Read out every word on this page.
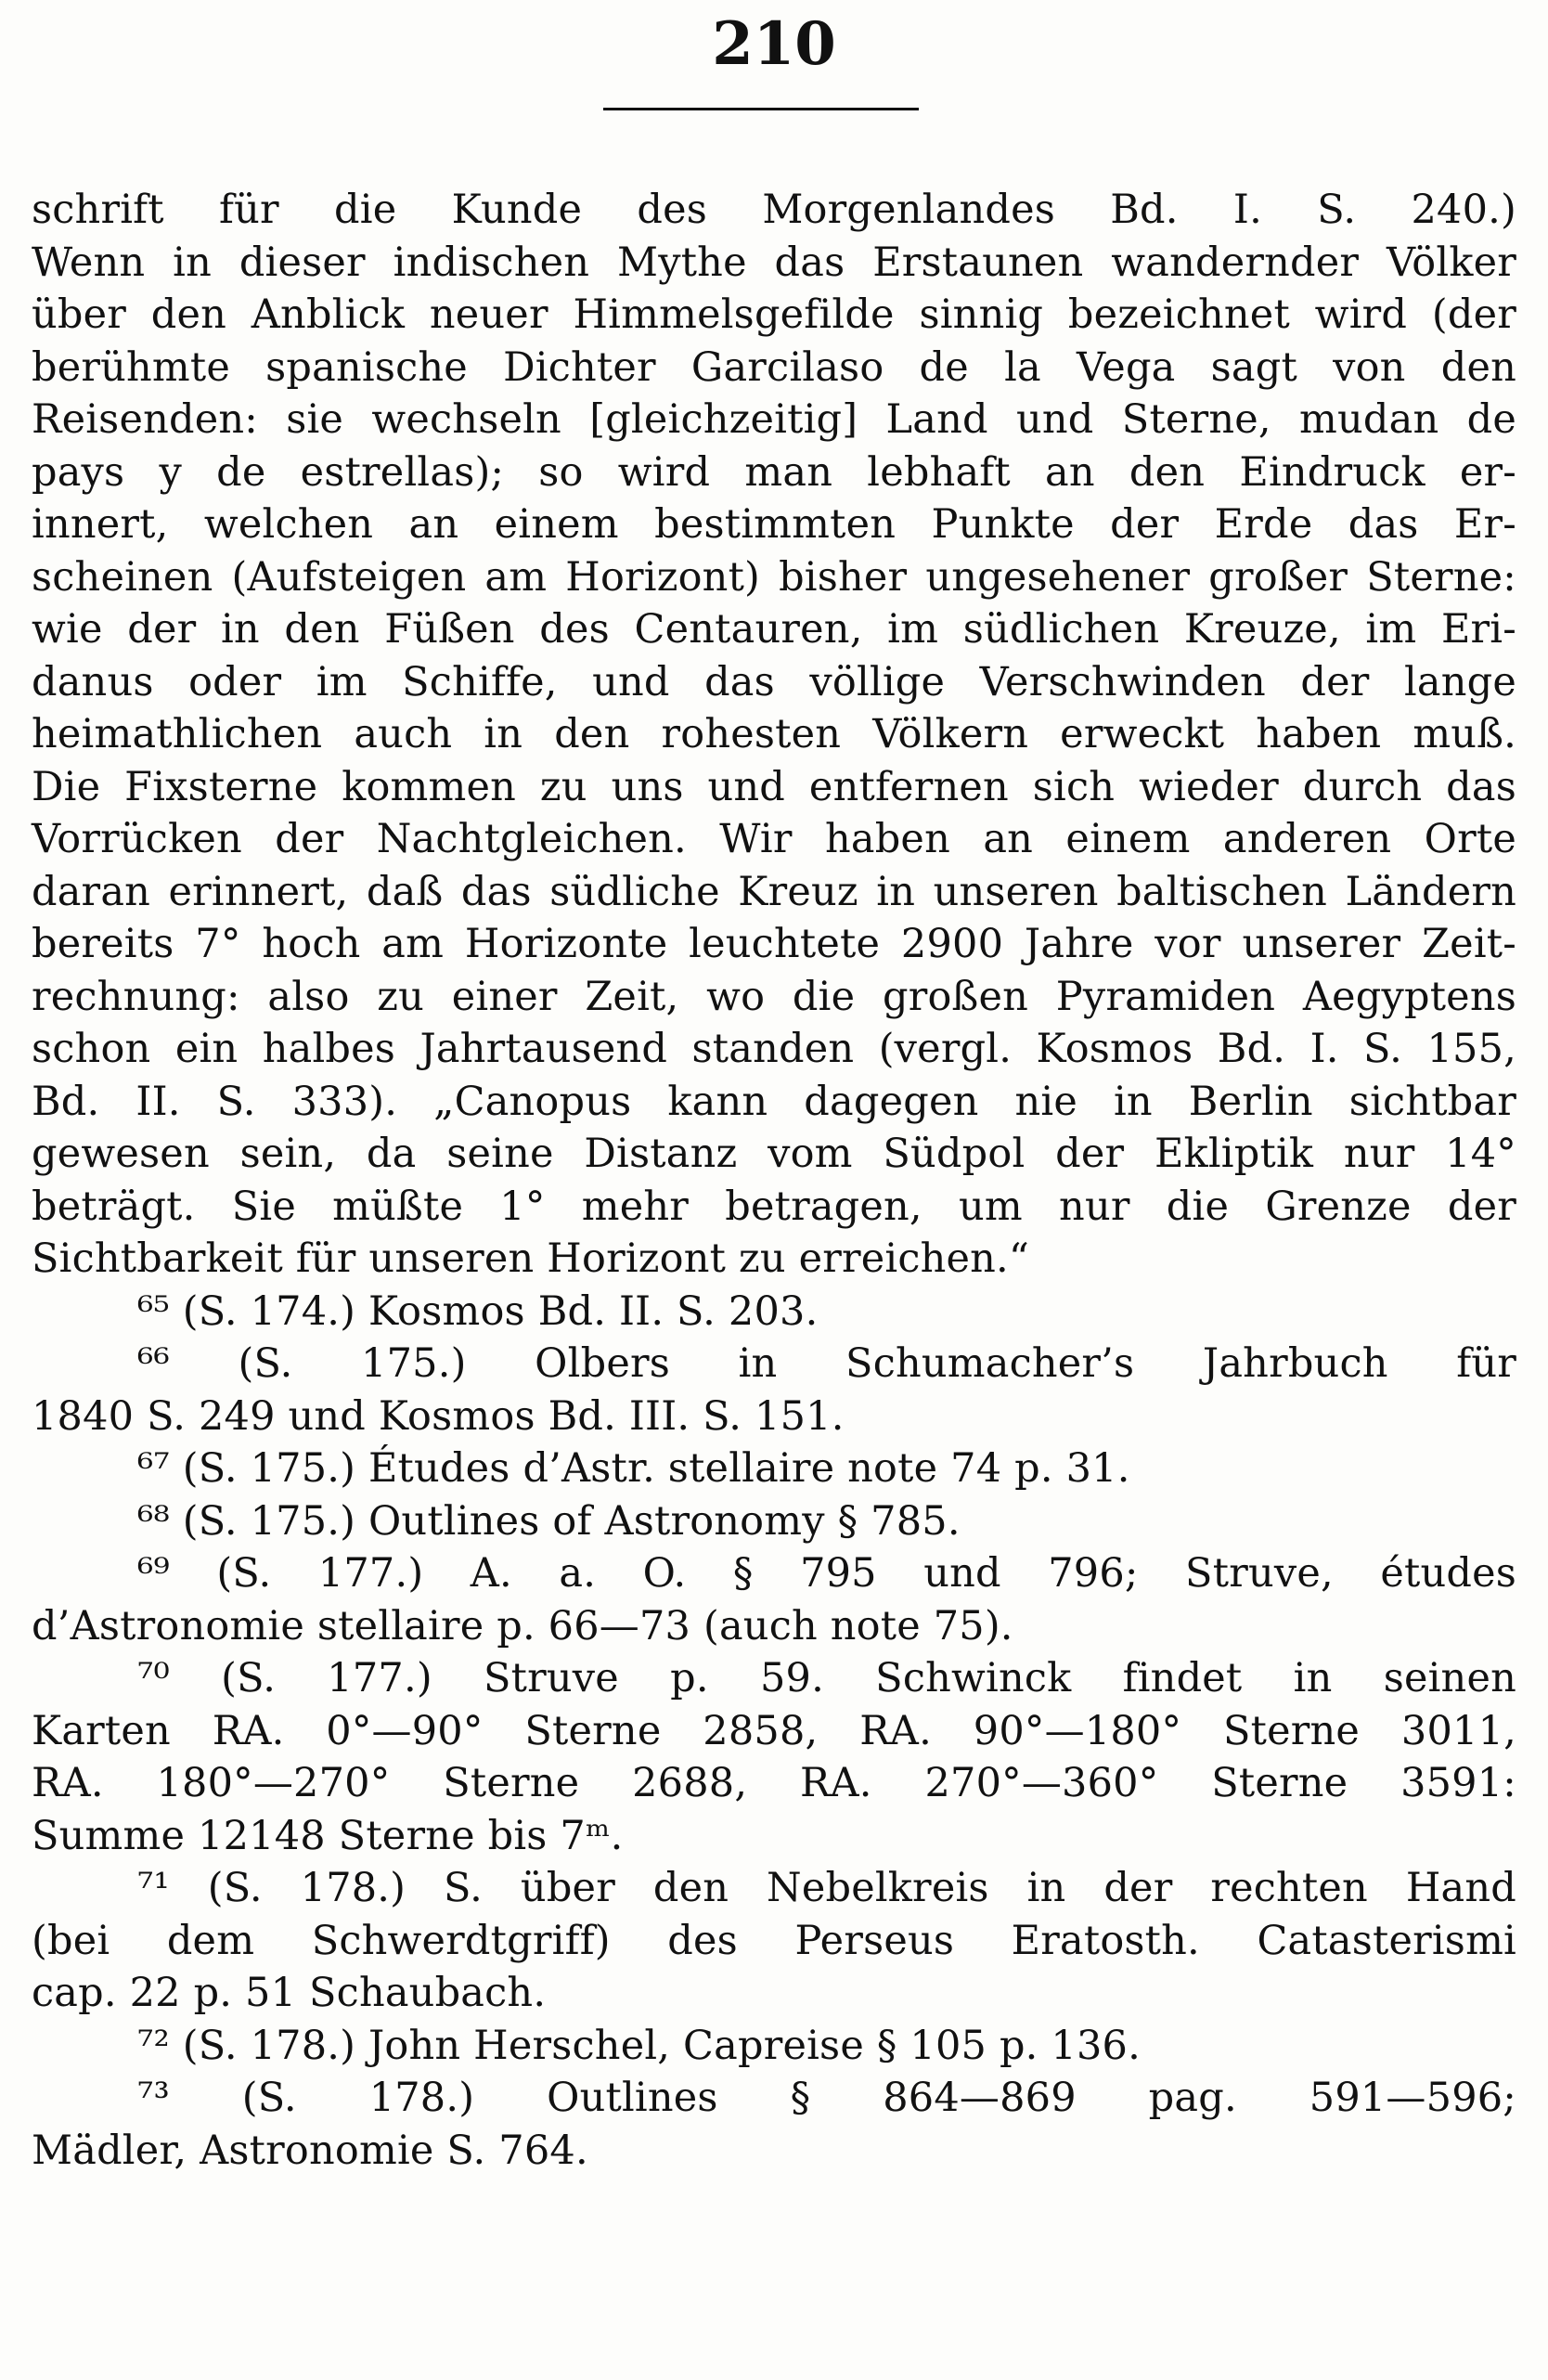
210
schrift für die Kunde des Morgenlandes Bd. I. S. 240.)
Wenn in dieser indischen Mythe das Erstaunen wandernder Völker
über den Anblick neuer Himmelsgefilde sinnig bezeichnet wird (der
berühmte spanische Dichter Garcilaso de la Vega sagt von den
Reisenden: sie wechseln [gleichzeitig] Land und Sterne, mudan de
pays y de estrellas); so wird man lebhaft an den Eindruck er-
innert, welchen an einem bestimmten Punkte der Erde das Er-
scheinen (Aufsteigen am Horizont) bisher ungesehener großer Sterne:
wie der in den Füßen des Centauren, im südlichen Kreuze, im Eri-
danus oder im Schiffe, und das völlige Verschwinden der lange
heimathlichen auch in den rohesten Völkern erweckt haben muß.
Die Fixsterne kommen zu uns und entfernen sich wieder durch das
Vorrücken der Nachtgleichen. Wir haben an einem anderen Orte
daran erinnert, daß das südliche Kreuz in unseren baltischen Ländern
bereits 7° hoch am Horizonte leuchtete 2900 Jahre vor unserer Zeit-
rechnung: also zu einer Zeit, wo die großen Pyramiden Aegyptens
schon ein halbes Jahrtausend standen (vergl. Kosmos Bd. I. S. 155,
Bd. II. S. 333). „Canopus kann dagegen nie in Berlin sichtbar
gewesen sein, da seine Distanz vom Südpol der Ekliptik nur 14°
beträgt. Sie müßte 1° mehr betragen, um nur die Grenze der
Sichtbarkeit für unseren Horizont zu erreichen.“
⁶⁵ (S. 174.) Kosmos Bd. II. S. 203.
⁶⁶ (S. 175.) Olbers in Schumacher’s Jahrbuch für
1840 S. 249 und Kosmos Bd. III. S. 151.
⁶⁷ (S. 175.) Études d’Astr. stellaire note 74 p. 31.
⁶⁸ (S. 175.) Outlines of Astronomy § 785.
⁶⁹ (S. 177.) A. a. O. § 795 und 796; Struve, études
d’Astronomie stellaire p. 66—73 (auch note 75).
⁷⁰ (S. 177.) Struve p. 59. Schwinck findet in seinen
Karten RA. 0°—90° Sterne 2858, RA. 90°—180° Sterne 3011,
RA. 180°—270° Sterne 2688, RA. 270°—360° Sterne 3591:
Summe 12148 Sterne bis 7ᵐ.
⁷¹ (S. 178.) S. über den Nebelkreis in der rechten Hand
(bei dem Schwerdtgriff) des Perseus Eratosth. Catasterismi
cap. 22 p. 51 Schaubach.
⁷² (S. 178.) John Herschel, Capreise § 105 p. 136.
⁷³ (S. 178.) Outlines § 864—869 pag. 591—596;
Mädler, Astronomie S. 764.
